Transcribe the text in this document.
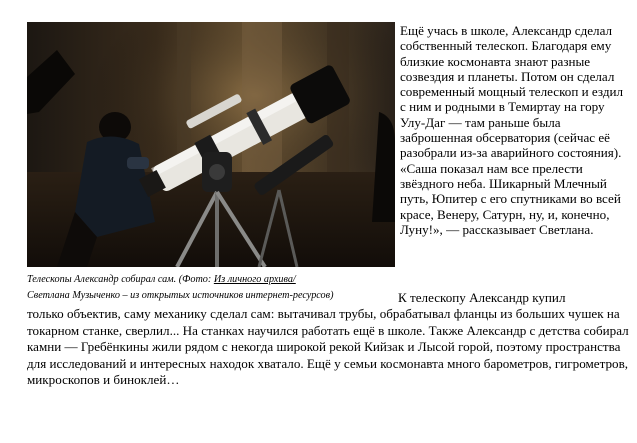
Ещё учась в школе, Александр сделал собственный телескоп. Благодаря ему близкие космонавта знают разные созвездия и планеты. Потом он сделал современный мощный телескоп и ездил с ним и родными в Темиртау на гору Улу-Даг — там раньше была заброшенная обсерватория (сейчас её разобрали из-за аварийного состояния).

«Саша показал нам все прелести звёздного неба. Шикарный Млечный путь, Юпитер с его спутниками во всей красе, Венеру, Сатурн, ну, и, конечно, Луну!», — рассказывает Светлана.

Телескопы Александр собирал сам. (Фото: Из личного архива/
Светлана Музыченко – из открытых источников интернет-ресурсов)	К телескопу Александр купил
только объектив, саму механику сделал сам: вытачивал трубы, обрабатывал фланцы из больших чушек на токарном станке, сверлил... На станках научился работать ещё в школе. Также Александр с детства собирал камни — Гребёнкины жили рядом с некогда широкой рекой Кийзак и Лысой горой, поэтому пространства для исследований и интересных находок хватало. Ещё у семьи космонавта много барометров, гигрометров, микроскопов и биноклей…
